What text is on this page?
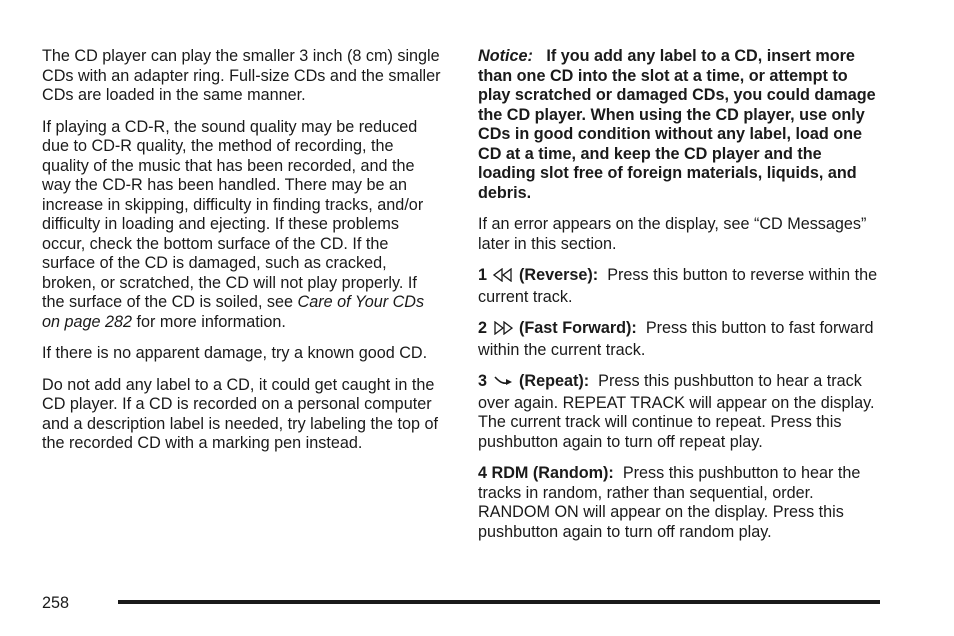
The CD player can play the smaller 3 inch (8 cm) single CDs with an adapter ring. Full-size CDs and the smaller CDs are loaded in the same manner.

If playing a CD-R, the sound quality may be reduced due to CD-R quality, the method of recording, the quality of the music that has been recorded, and the way the CD-R has been handled. There may be an increase in skipping, difficulty in finding tracks, and/or difficulty in loading and ejecting. If these problems occur, check the bottom surface of the CD. If the surface of the CD is damaged, such as cracked, broken, or scratched, the CD will not play properly. If the surface of the CD is soiled, see Care of Your CDs on page 282 for more information.

If there is no apparent damage, try a known good CD.

Do not add any label to a CD, it could get caught in the CD player. If a CD is recorded on a personal computer and a description label is needed, try labeling the top of the recorded CD with a marking pen instead.

Notice: If you add any label to a CD, insert more than one CD into the slot at a time, or attempt to play scratched or damaged CDs, you could damage the CD player. When using the CD player, use only CDs in good condition without any label, load one CD at a time, and keep the CD player and the loading slot free of foreign materials, liquids, and debris.

If an error appears on the display, see “CD Messages” later in this section.

1 (Reverse): Press this button to reverse within the current track.

2 (Fast Forward): Press this button to fast forward within the current track.

3 (Repeat): Press this pushbutton to hear a track over again. REPEAT TRACK will appear on the display. The current track will continue to repeat. Press this pushbutton again to turn off repeat play.

4 RDM (Random): Press this pushbutton to hear the tracks in random, rather than sequential, order. RANDOM ON will appear on the display. Press this pushbutton again to turn off random play.

258
